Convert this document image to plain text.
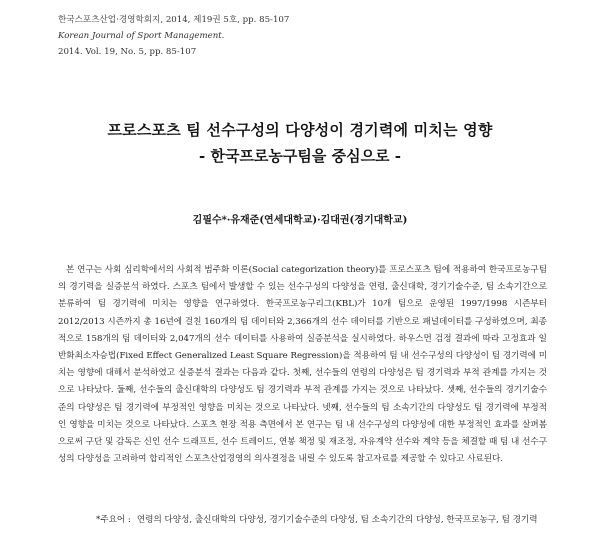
한국스포츠산업·경영학회지, 2014, 제19권 5호, pp. 85-107
Korean Journal of Sport Management.
2014. Vol. 19, No. 5, pp. 85-107
프로스포츠 팀 선수구성의 다양성이 경기력에 미치는 영향
- 한국프로농구팀을 중심으로 -
김필수*·유재준(연세대학교)·김대권(경기대학교)

본 연구는 사회 심리학에서의 사회적 범주화 이론(Social categorization theory)를 프로스포츠 팀에 적용하여 한국프로농구팀의 경기력을 실증분석 하였다. 스포츠 팀에서 발생할 수 있는 선수구성의 다양성을 연령, 출신대학, 경기기술수준, 팀 소속기간으로 분류하여 팀 경기력에 미치는 영향을 연구하였다. 한국프로농구리그(KBL)가 10개 팀으로 운영된 1997/1998 시즌부터 2012/2013 시즌까지 총 16년에 걸친 160개의 팀 데이터와 2,366개의 선수 데이터를 기반으로 패널데이터를 구성하였으며, 최종적으로 158개의 팀 데이터와 2,047개의 선수 데이터를 사용하여 실증분석을 실시하였다. 하우스먼 검정 결과에 따라 고정효과 일반화최소자승법(Fixed Effect Generalized Least Square Regression)을 적용하여 팀 내 선수구성의 다양성이 팀 경기력에 미치는 영향에 대해서 분석하였고 실증분석 결과는 다음과 같다. 첫째, 선수들의 연령의 다양성은 팀 경기력과 부적 관계를 가지는 것으로 나타났다. 둘째, 선수들의 출신대학의 다양성도 팀 경기력과 부적 관계를 가지는 것으로 나타났다. 셋째, 선수들의 경기기술수준의 다양성은 팀 경기력에 부정적인 영향을 미치는 것으로 나타났다. 넷째, 선수들의 팀 소속기간의 다양성도 팀 경기력에 부정적인 영향을 미치는 것으로 나타났다. 스포츠 현장 적용 측면에서 본 연구는 팀 내 선수구성의 다양성에 대한 부정적인 효과를 살펴봄으로써 구단 및 감독은 신인 선수 드래프트, 선수 트레이드, 연봉 책정 및 재조정, 자유계약 선수와 계약 등을 체결할 때 팀 내 선수구성의 다양성을 고려하여 합리적인 스포츠산업경영의 의사결정을 내릴 수 있도록 참고자료를 제공할 수 있다고 사료된다.

*주요어 : 연령의 다양성, 출신대학의 다양성, 경기기술수준의 다양성, 팀 소속기간의 다양성, 한국프로농구, 팀 경기력
